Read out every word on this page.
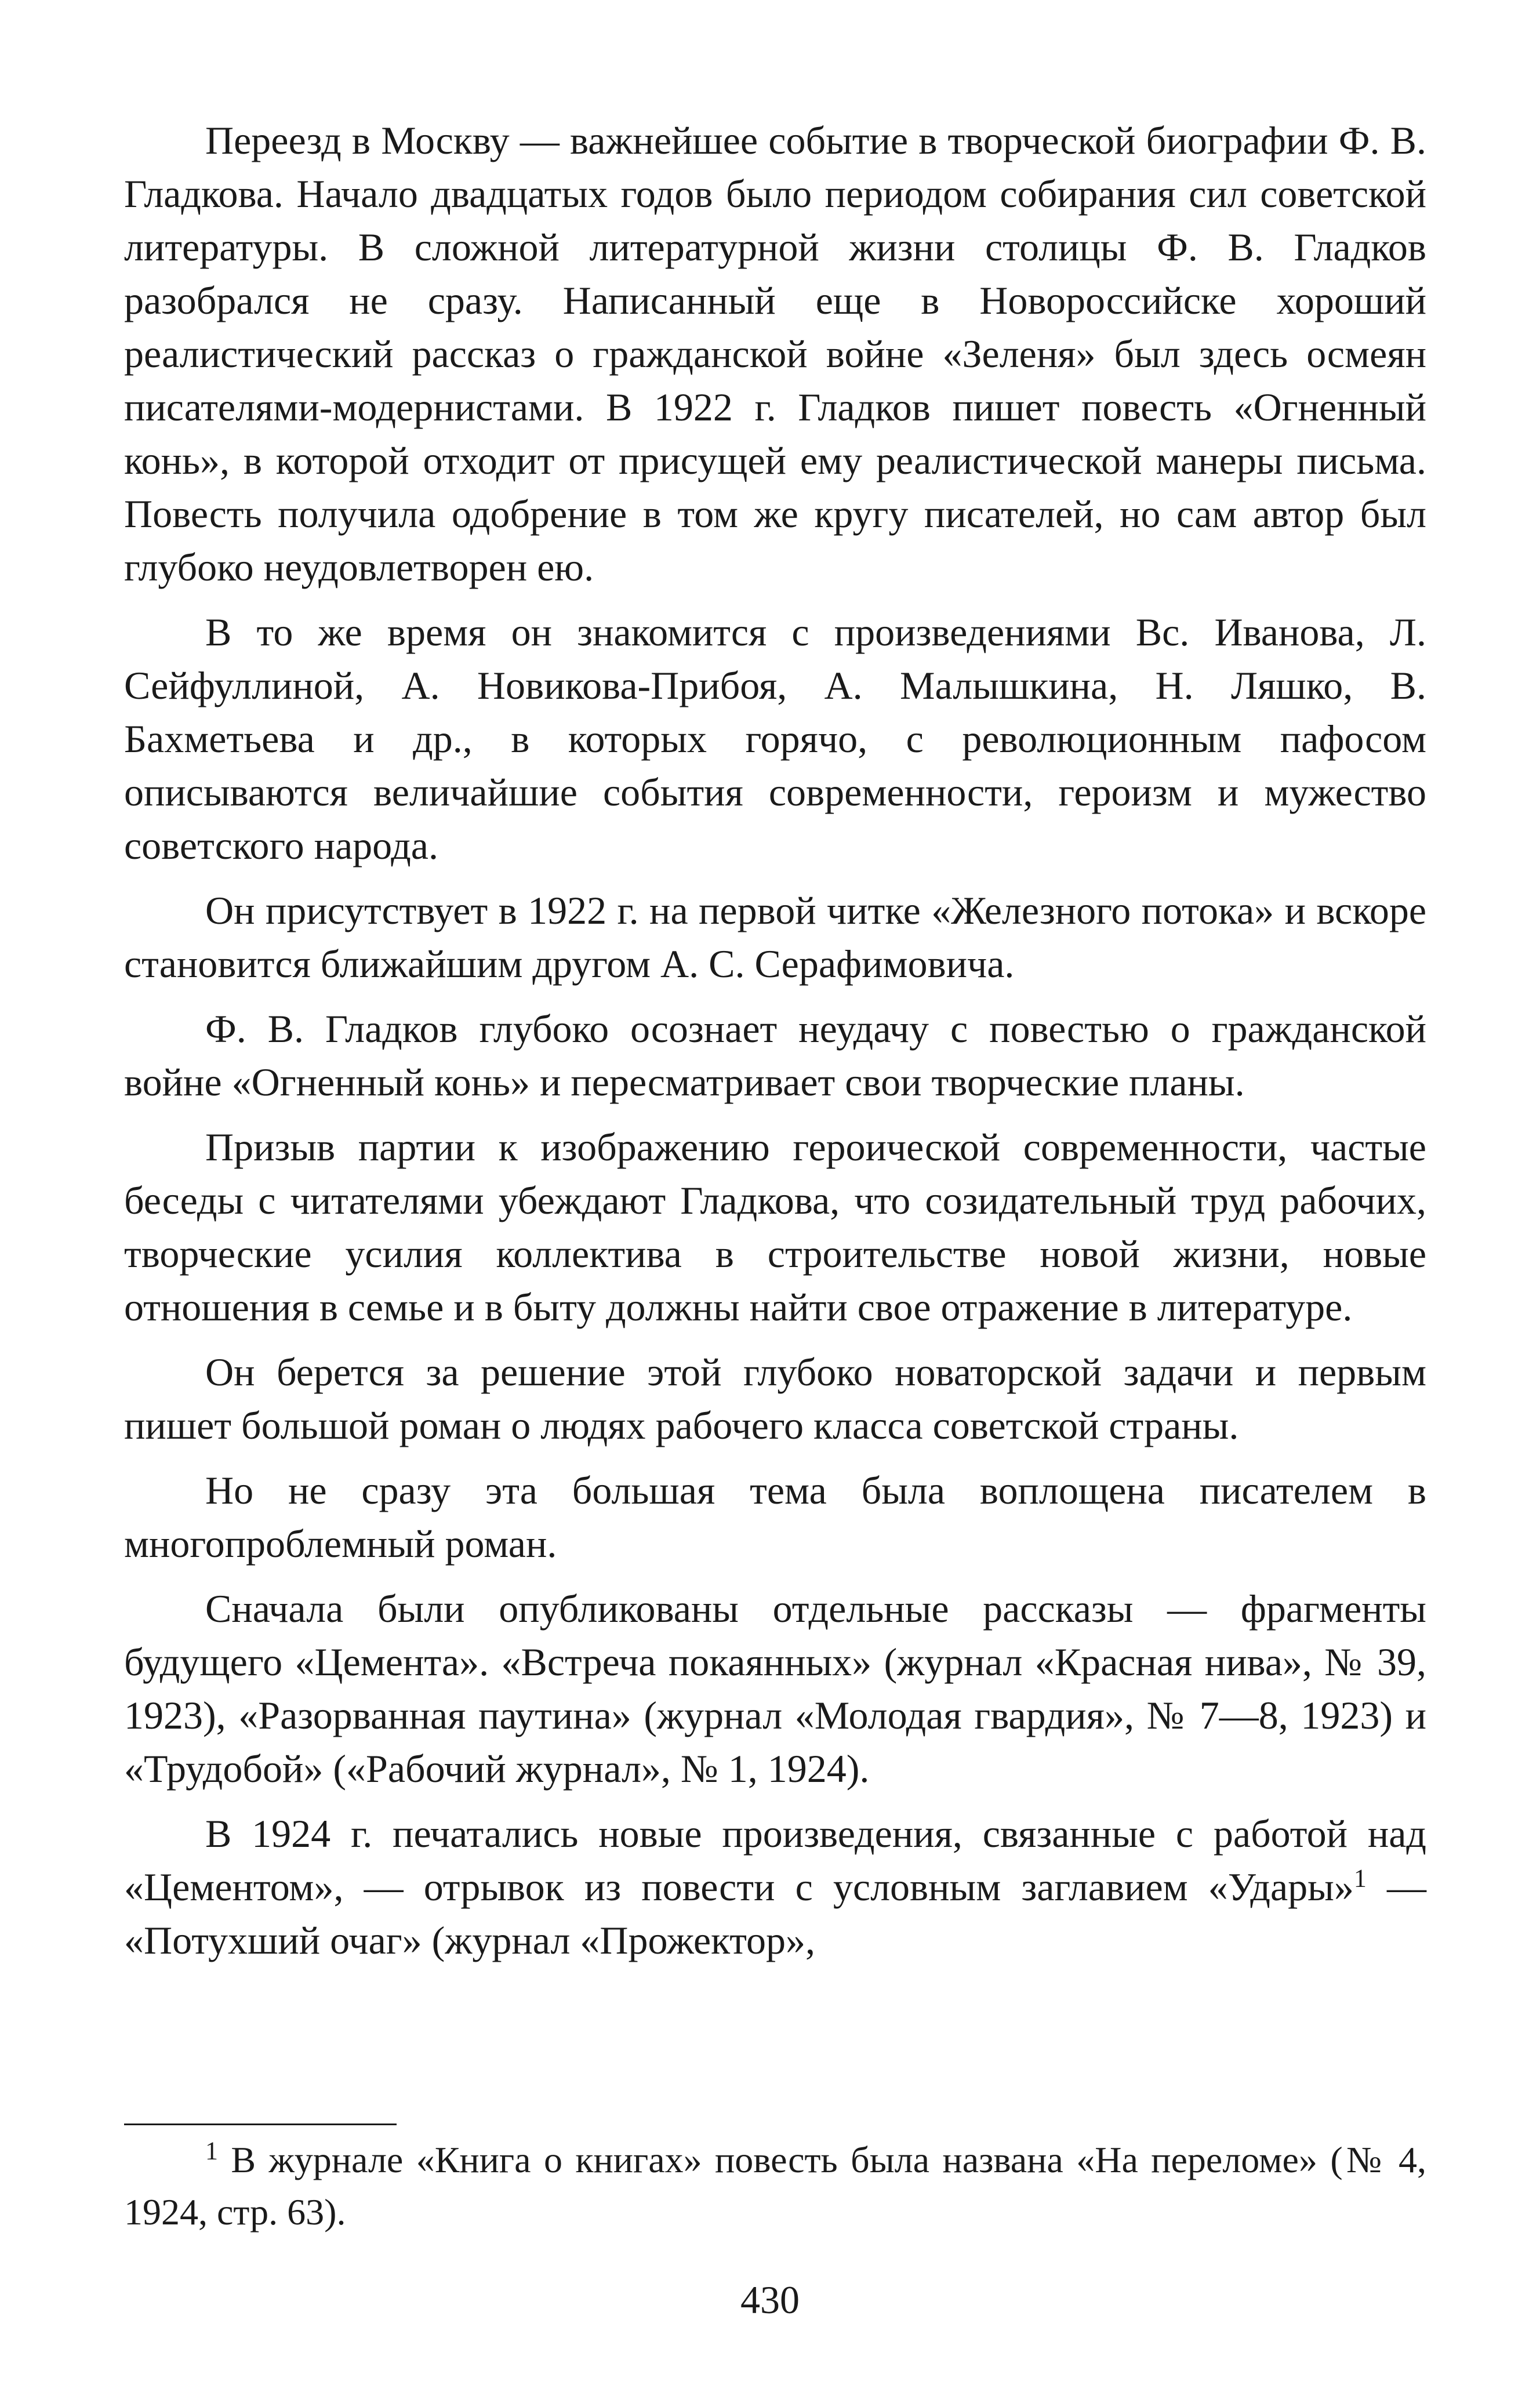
Переезд в Москву — важнейшее событие в творческой биографии Ф. В. Гладкова. Начало двадцатых годов было периодом собирания сил советской литературы. В сложной литературной жизни столицы Ф. В. Гладков разобрался не сразу. Написанный еще в Новороссийске хороший реалистический рассказ о гражданской войне «Зеленя» был здесь осмеян писателями-модернистами. В 1922 г. Гладков пишет повесть «Огненный конь», в которой отходит от присущей ему реалистической манеры письма. Повесть получила одобрение в том же кругу писателей, но сам автор был глубоко неудовлетворен ею.

В то же время он знакомится с произведениями Вс. Иванова, Л. Сейфуллиной, А. Новикова-Прибоя, А. Малышкина, Н. Ляшко, В. Бахметьева и др., в которых горячо, с революционным пафосом описываются величайшие события современности, героизм и мужество советского народа.

Он присутствует в 1922 г. на первой читке «Железного потока» и вскоре становится ближайшим другом А. С. Серафимовича.

Ф. В. Гладков глубоко осознает неудачу с повестью о гражданской войне «Огненный конь» и пересматривает свои творческие планы.

Призыв партии к изображению героической современности, частые беседы с читателями убеждают Гладкова, что созидательный труд рабочих, творческие усилия коллектива в строительстве новой жизни, новые отношения в семье и в быту должны найти свое отражение в литературе.

Он берется за решение этой глубоко новаторской задачи и первым пишет большой роман о людях рабочего класса советской страны.

Но не сразу эта большая тема была воплощена писателем в многопроблемный роман.

Сначала были опубликованы отдельные рассказы — фрагменты будущего «Цемента». «Встреча покаянных» (журнал «Красная нива», № 39, 1923), «Разорванная паутина» (журнал «Молодая гвардия», № 7—8, 1923) и «Трудобой» («Рабочий журнал», № 1, 1924).

В 1924 г. печатались новые произведения, связанные с работой над «Цементом», — отрывок из повести с условным заглавием «Удары»$^1$ — «Потухший очаг» (журнал «Прожектор»,

$^1$ В журнале «Книга о книгах» повесть была названа «На переломе» (№ 4, 1924, стр. 63).

430
